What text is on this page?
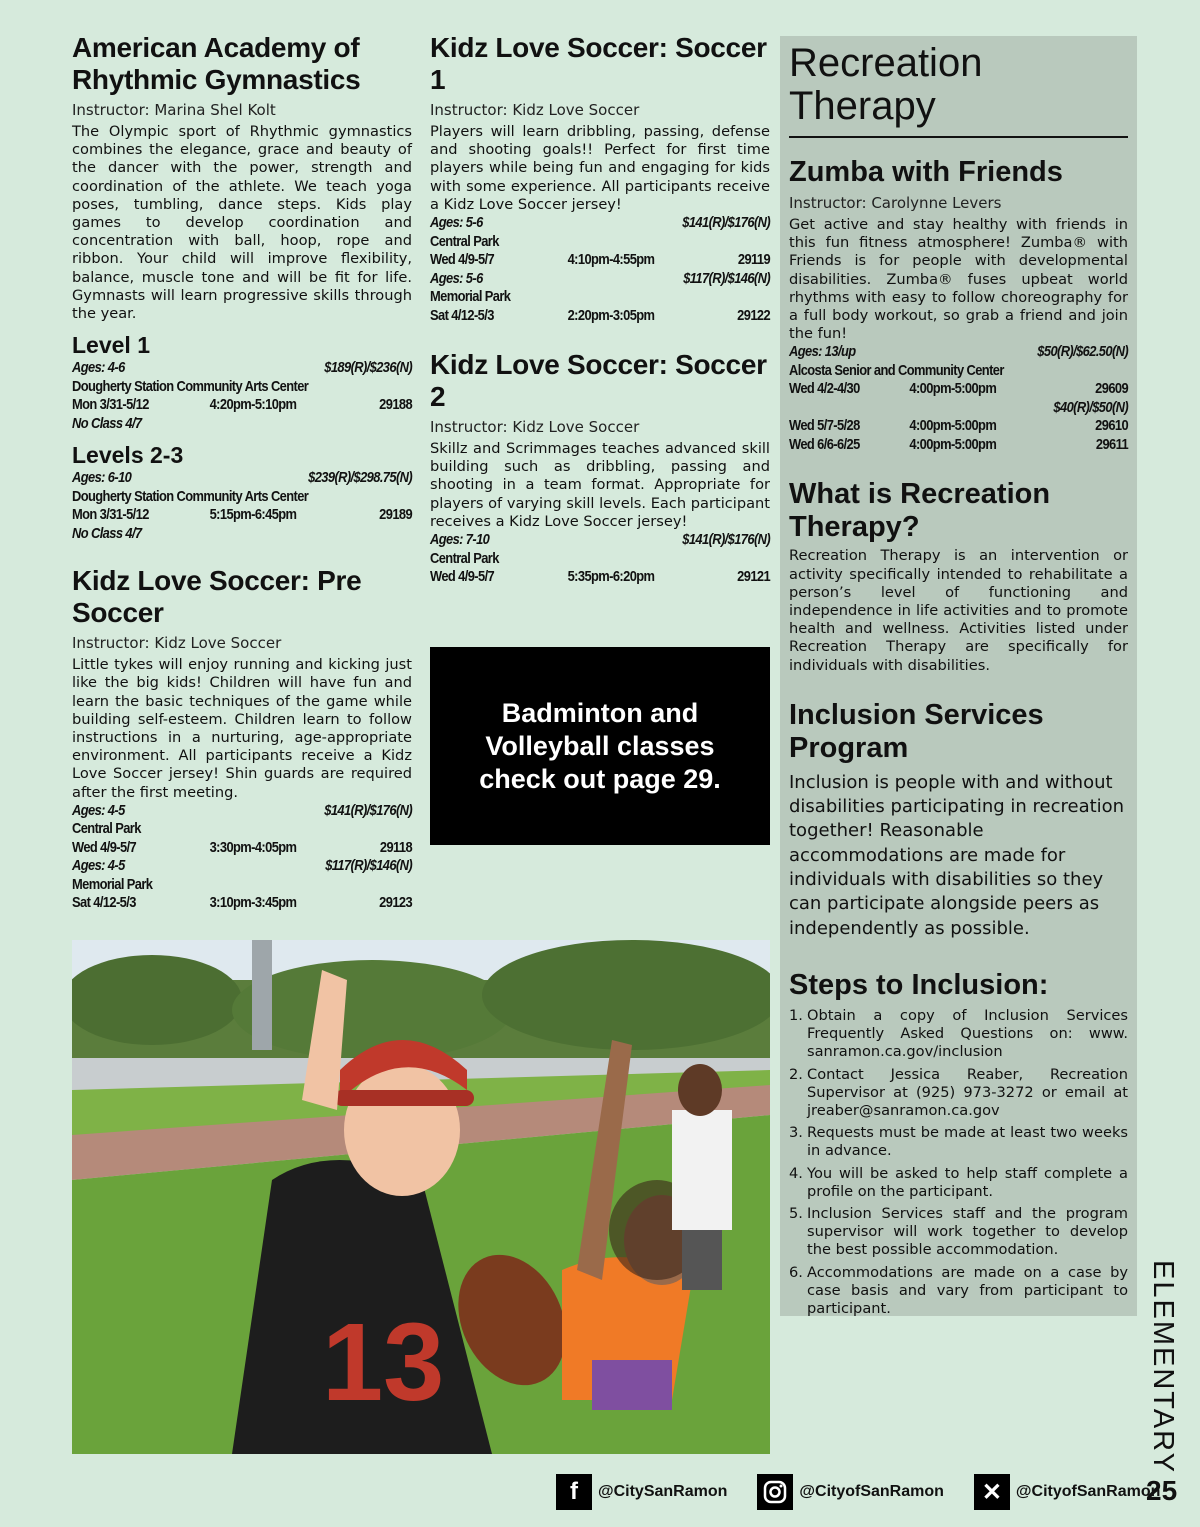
American Academy of Rhythmic Gymnastics
Instructor: Marina Shel Kolt

The Olympic sport of Rhythmic gymnastics combines the elegance, grace and beauty of the dancer with the power, strength and coordination of the athlete. We teach yoga poses, tumbling, dance steps. Kids play games to develop coordination and concentration with ball, hoop, rope and ribbon. Your child will improve flexibility, balance, muscle tone and will be fit for life. Gymnasts will learn progressive skills through the year.

Level 1
Ages: 4-6	$189(R)/$236(N)
Dougherty Station Community Arts Center
Mon 3/31-5/12	4:20pm-5:10pm	29188
No Class 4/7
Levels 2-3
Ages: 6-10	$239(R)/$298.75(N)
Dougherty Station Community Arts Center
Mon 3/31-5/12	5:15pm-6:45pm	29189
No Class 4/7
Kidz Love Soccer: Pre Soccer
Instructor: Kidz Love Soccer

Little tykes will enjoy running and kicking just like the big kids! Children will have fun and learn the basic techniques of the game while building self-esteem. Children learn to follow instructions in a nurturing, age-appropriate environment. All participants receive a Kidz Love Soccer jersey! Shin guards are required after the first meeting.

Ages: 4-5	$141(R)/$176(N)
Central Park
Wed 4/9-5/7	3:30pm-4:05pm	29118
Ages: 4-5	$117(R)/$146(N)
Memorial Park
Sat 4/12-5/3	3:10pm-3:45pm	29123
Kidz Love Soccer: Soccer 1
Instructor: Kidz Love Soccer

Players will learn dribbling, passing, defense and shooting goals!! Perfect for first time players while being fun and engaging for kids with some experience. All participants receive a Kidz Love Soccer jersey!

Ages: 5-6	$141(R)/$176(N)
Central Park
Wed 4/9-5/7	4:10pm-4:55pm	29119
Ages: 5-6	$117(R)/$146(N)
Memorial Park
Sat 4/12-5/3	2:20pm-3:05pm	29122
Kidz Love Soccer: Soccer 2
Instructor: Kidz Love Soccer

Skillz and Scrimmages teaches advanced skill building such as dribbling, passing and shooting in a team format. Appropriate for players of varying skill levels. Each participant receives a Kidz Love Soccer jersey!

Ages: 7-10	$141(R)/$176(N)
Central Park
Wed 4/9-5/7	5:35pm-6:20pm	29121
Badminton and Volleyball classes check out page 29.
13
Recreation Therapy
Zumba with Friends
Instructor: Carolynne Levers

Get active and stay healthy with friends in this fun fitness atmosphere! Zumba® with Friends is for people with developmental disabilities. Zumba® fuses upbeat world rhythms with easy to follow choreography for a full body workout, so grab a friend and join the fun!

Ages: 13/up	$50(R)/$62.50(N)
Alcosta Senior and Community Center
Wed 4/2-4/30	4:00pm-5:00pm	29609
$40(R)/$50(N)
Wed 5/7-5/28	4:00pm-5:00pm	29610
Wed 6/6-6/25	4:00pm-5:00pm	29611
What is Recreation Therapy?

Recreation Therapy is an intervention or activity specifically intended to rehabilitate a person’s level of functioning and independence in life activities and to promote health and wellness. Activities listed under Recreation Therapy are specifically for individuals with disabilities.

Inclusion Services Program

Inclusion is people with and without disabilities participating in recreation together! Reasonable accommodations are made for individuals with disabilities so they can participate alongside peers as independently as possible.

Steps to Inclusion:
1. Obtain a copy of Inclusion Services Frequently Asked Questions on: www. sanramon.ca.gov/inclusion
2. Contact Jessica Reaber, Recreation Supervisor at (925) 973-3272 or email at jreaber@sanramon.ca.gov
3. Requests must be made at least two weeks in advance.
4. You will be asked to help staff complete a profile on the participant.
5. Inclusion Services staff and the program supervisor will work together to develop the best possible accommodation.
6. Accommodations are made on a case by case basis and vary from participant to participant.	ELEMENTARY
f	@CitySanRamon	@CityofSanRamon	✕ @CityofSanRamon
25
